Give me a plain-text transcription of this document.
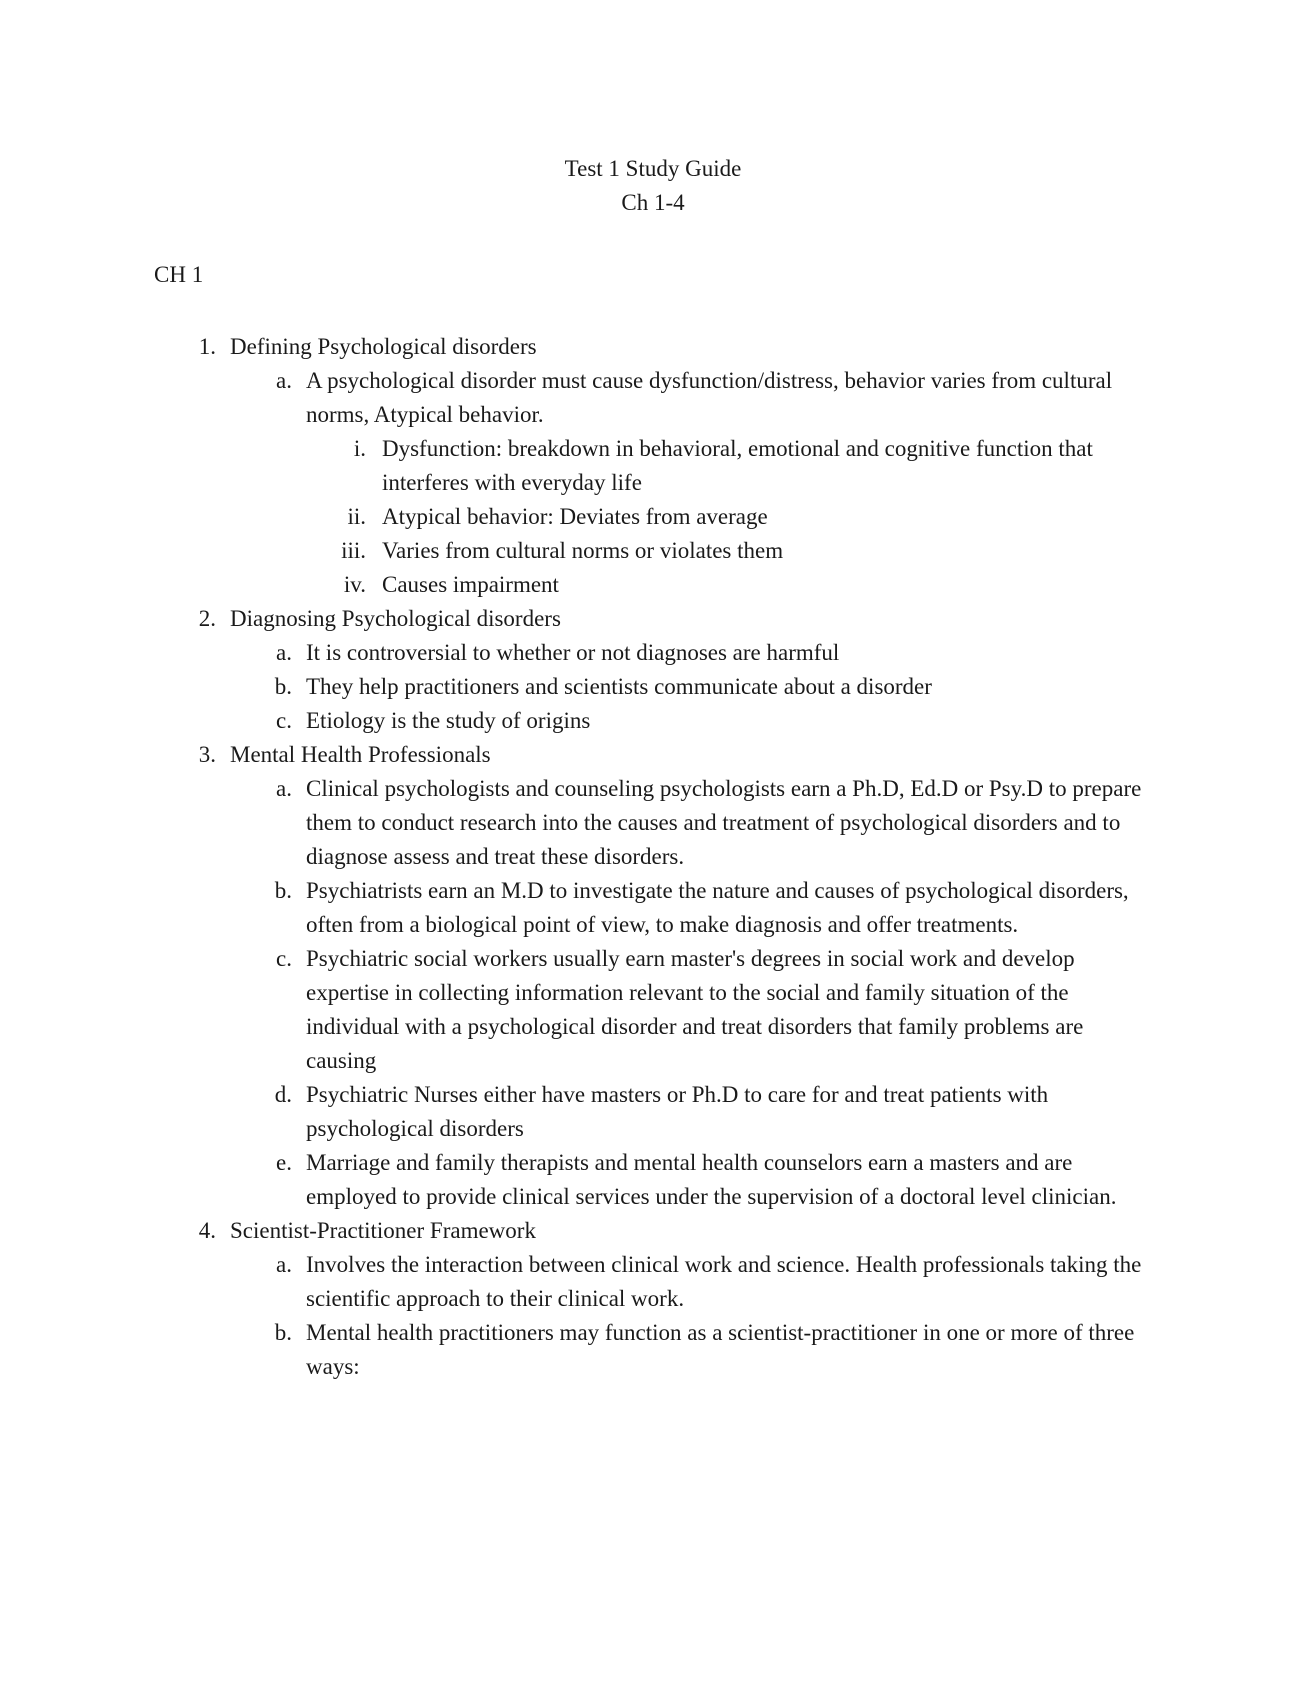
Test 1 Study Guide
Ch 1-4
CH 1
1. Defining Psychological disorders
a. A psychological disorder must cause dysfunction/distress, behavior varies from cultural norms, Atypical behavior.
i. Dysfunction: breakdown in behavioral, emotional and cognitive function that interferes with everyday life
ii. Atypical behavior: Deviates from average
iii. Varies from cultural norms or violates them
iv. Causes impairment
2. Diagnosing Psychological disorders
a. It is controversial to whether or not diagnoses are harmful
b. They help practitioners and scientists communicate about a disorder
c. Etiology is the study of origins
3. Mental Health Professionals
a. Clinical psychologists and counseling psychologists earn a Ph.D, Ed.D or Psy.D to prepare them to conduct research into the causes and treatment of psychological disorders and to diagnose assess and treat these disorders.
b. Psychiatrists earn an M.D to investigate the nature and causes of psychological disorders, often from a biological point of view, to make diagnosis and offer treatments.
c. Psychiatric social workers usually earn master's degrees in social work and develop expertise in collecting information relevant to the social and family situation of the individual with a psychological disorder and treat disorders that family problems are causing
d. Psychiatric Nurses either have masters or Ph.D to care for and treat patients with psychological disorders
e. Marriage and family therapists and mental health counselors earn a masters and are employed to provide clinical services under the supervision of a doctoral level clinician.
4. Scientist-Practitioner Framework
a. Involves the interaction between clinical work and science. Health professionals taking the scientific approach to their clinical work.
b. Mental health practitioners may function as a scientist-practitioner in one or more of three ways:
